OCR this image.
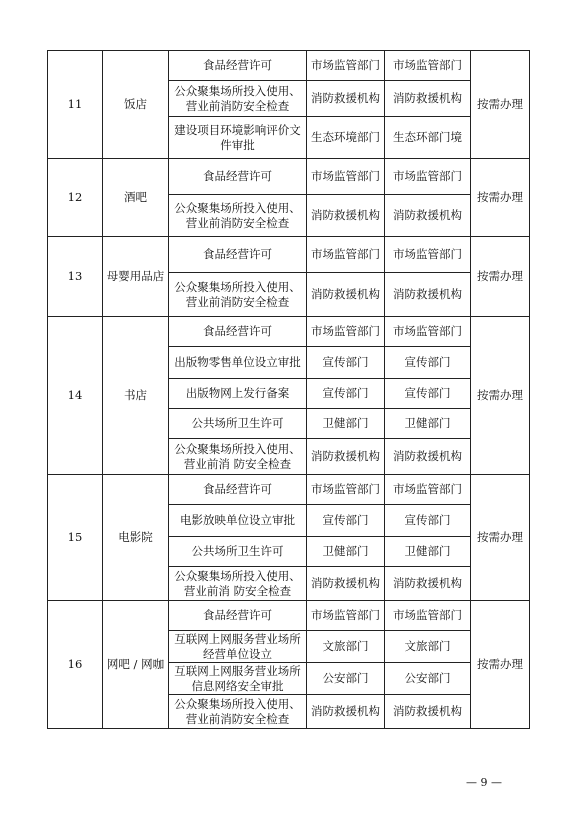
11	饭店	食品经营许可	市场监管部门	市场监管部门	按需办理
		公众聚集场所投入使用、营业前消防安全检查	消防救援机构	消防救援机构	
		建设项目环境影响评价文件审批	生态环境部门	生态环部门境	
12	酒吧	食品经营许可	市场监管部门	市场监管部门	按需办理
		公众聚集场所投入使用、营业前消防安全检查	消防救援机构	消防救援机构	
13	母婴用品店	食品经营许可	市场监管部门	市场监管部门	按需办理
		公众聚集场所投入使用、营业前消防安全检查	消防救援机构	消防救援机构	
14	书店	食品经营许可	市场监管部门	市场监管部门	按需办理
		出版物零售单位设立审批	宣传部门	宣传部门	
		出版物网上发行备案	宣传部门	宣传部门	
		公共场所卫生许可	卫健部门	卫健部门	
		公众聚集场所投入使用、营业前消 防安全检查	消防救援机构	消防救援机构	
15	电影院	食品经营许可	市场监管部门	市场监管部门	按需办理
		电影放映单位设立审批	宣传部门	宣传部门	
		公共场所卫生许可	卫健部门	卫健部门	
		公众聚集场所投入使用、营业前消 防安全检查	消防救援机构	消防救援机构	
16	网吧 / 网咖	食品经营许可	市场监管部门	市场监管部门	按需办理
		互联网上网服务营业场所经营单位设立	文旅部门	文旅部门	
		互联网上网服务营业场所信息网络安全审批	公安部门	公安部门	
		公众聚集场所投入使用、营业前消防安全检查	消防救援机构	消防救援机构	
— 9 —
